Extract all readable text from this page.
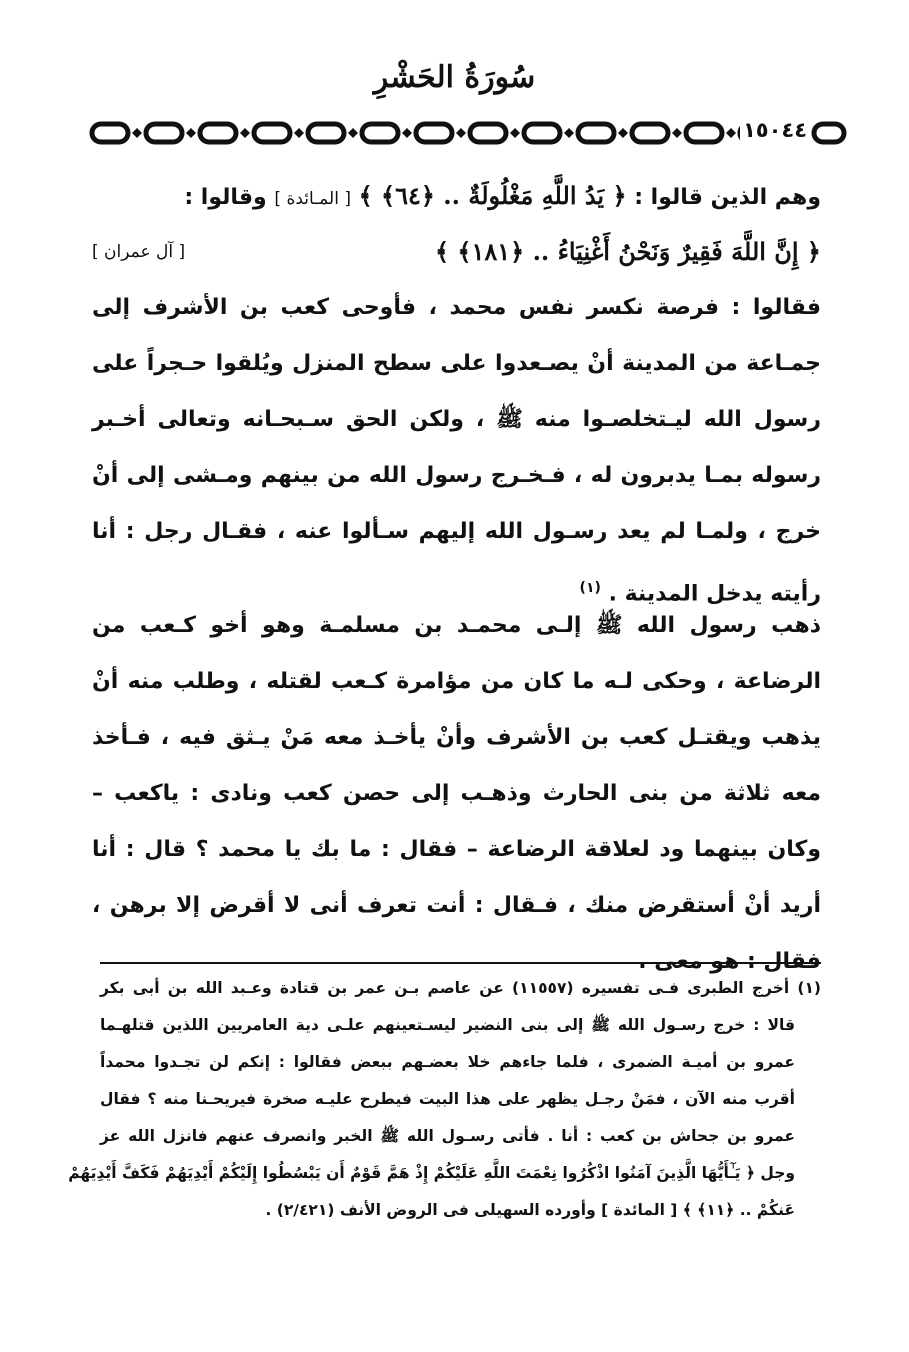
سُورَةُ الحَشْرِ
١٥٠٤٤
وهم الذين قالوا : ﴿ يَدُ اللَّهِ مَغْلُولَةٌ .. ﴿٦٤﴾ ﴾ [ المـائدة ] وقالوا :
﴿ إِنَّ اللَّهَ فَقِيرٌ وَنَحْنُ أَغْنِيَاءُ .. ﴿١٨١﴾ ﴾
[ آل عمران ]
فقالوا : فرصة نكسر نفس محمد ، فأوحى كعب بن الأشرف إلى
جمـاعة من المدينة أنْ يصـعدوا على سطح المنزل ويُلقوا حـجراً على
رسول الله ليـتخلصـوا منه ﷺ ، ولكن الحق سـبحـانه وتعالى أخـبر
رسوله بمـا يدبرون له ، فـخـرج رسول الله من بينهم ومـشى إلى أنْ
خرج ، ولمـا لم يعد رسـول الله إليهم سـألوا عنه ، فقـال رجل : أنا
رأيته يدخل المدينة . $^{(١)}$
ذهب رسول الله ﷺ إلـى محمـد بن مسلمـة وهو أخو كـعب من
الرضاعة ، وحكى لـه ما كان من مؤامرة كـعب لقتله ، وطلب منه أنْ
يذهب ويقتـل كعب بن الأشرف وأنْ يأخـذ معه مَنْ يـثق فيه ، فـأخذ
معه ثلاثة من بنى الحارث وذهـب إلى حصن كعب ونادى : ياكعب –
وكان بينهما ود لعلاقة الرضاعة – فقال : ما بك يا محمد ؟ قال : أنا
أريد أنْ أستقرض منك ، فـقال : أنت تعرف أنى لا أقرض إلا برهن ،
فقال : هو معى .
(١) أخرج الطبرى فـى تفسيره (١١٥٥٧) عن عاصم بـن عمر بن قتادة وعـبد الله بن أبى بكر
قالا : خرج رسـول الله ﷺ إلى بنى النضير ليسـتعينهم علـى دية العامريين اللذين قتلهـما
عمرو بن أميـة الضمرى ، فلما جاءهم خلا بعضـهم ببعض فقالوا : إنكم لن تجـدوا محمداً
أقرب منه الآن ، فمَنْ رجـل يظهر على هذا البيت فيطرح عليـه صخرة فيريحـنا منه ؟ فقال
عمرو بن جحاش بن كعب : أنا . فأتى رسـول الله ﷺ الخبر وانصرف عنهم فانزل الله عز
وجل ﴿ يَـٰٓأَيُّهَا الَّذِينَ آمَنُوا اذْكُرُوا نِعْمَتَ اللَّهِ عَلَيْكُمْ إِذْ هَمَّ قَوْمٌ أَن يَبْسُطُوا إِلَيْكُمْ أَيْدِيَهُمْ فَكَفَّ أَيْدِيَهُمْ
عَنكُمْ .. ﴿١١﴾ ﴾ [ المائدة ] وأورده السهيلى فى الروض الأنف (٢/٤٢١) .
